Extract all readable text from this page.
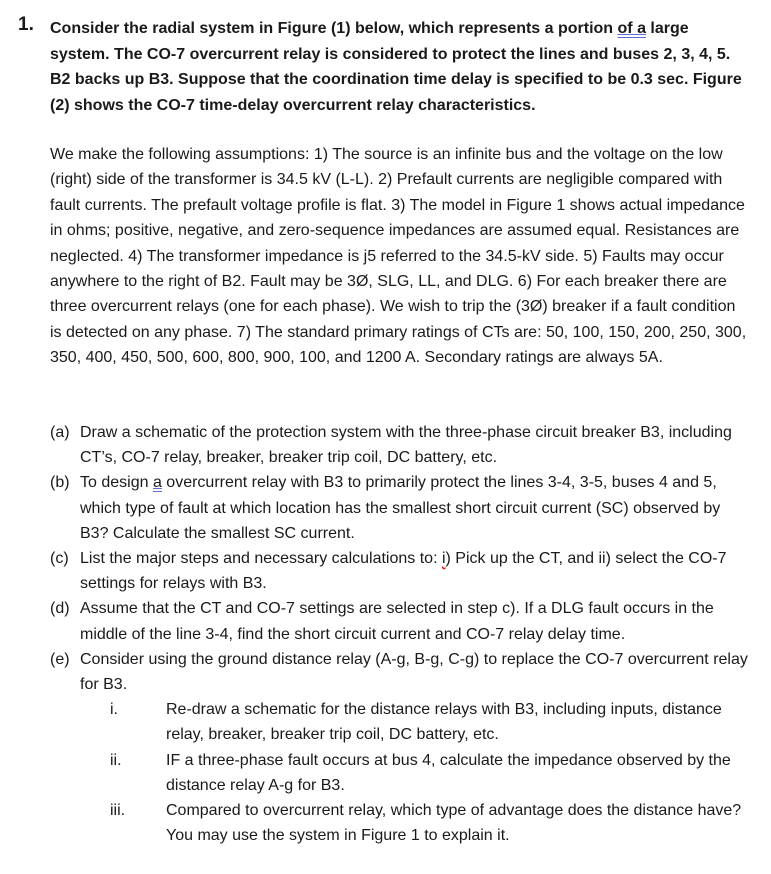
1. Consider the radial system in Figure (1) below, which represents a portion of a large system. The CO-7 overcurrent relay is considered to protect the lines and buses 2, 3, 4, 5. B2 backs up B3. Suppose that the coordination time delay is specified to be 0.3 sec. Figure (2) shows the CO-7 time-delay overcurrent relay characteristics.
We make the following assumptions: 1) The source is an infinite bus and the voltage on the low (right) side of the transformer is 34.5 kV (L-L). 2) Prefault currents are negligible compared with fault currents. The prefault voltage profile is flat. 3) The model in Figure 1 shows actual impedance in ohms; positive, negative, and zero-sequence impedances are assumed equal. Resistances are neglected. 4) The transformer impedance is j5 referred to the 34.5-kV side. 5) Faults may occur anywhere to the right of B2. Fault may be 3Ø, SLG, LL, and DLG. 6) For each breaker there are three overcurrent relays (one for each phase). We wish to trip the (3Ø) breaker if a fault condition is detected on any phase. 7) The standard primary ratings of CTs are: 50, 100, 150, 200, 250, 300, 350, 400, 450, 500, 600, 800, 900, 100, and 1200 A. Secondary ratings are always 5A.
(a) Draw a schematic of the protection system with the three-phase circuit breaker B3, including CT’s, CO-7 relay, breaker, breaker trip coil, DC battery, etc.
(b) To design a overcurrent relay with B3 to primarily protect the lines 3-4, 3-5, buses 4 and 5, which type of fault at which location has the smallest short circuit current (SC) observed by B3? Calculate the smallest SC current.
(c) List the major steps and necessary calculations to: i) Pick up the CT, and ii) select the CO-7 settings for relays with B3.
(d) Assume that the CT and CO-7 settings are selected in step c). If a DLG fault occurs in the middle of the line 3-4, find the short circuit current and CO-7 relay delay time.
(e) Consider using the ground distance relay (A-g, B-g, C-g) to replace the CO-7 overcurrent relay for B3.
i.	Re-draw a schematic for the distance relays with B3, including inputs, distance relay, breaker, breaker trip coil, DC battery, etc.
ii.	IF a three-phase fault occurs at bus 4, calculate the impedance observed by the distance relay A-g for B3.
iii.	Compared to overcurrent relay, which type of advantage does the distance have? You may use the system in Figure 1 to explain it.
